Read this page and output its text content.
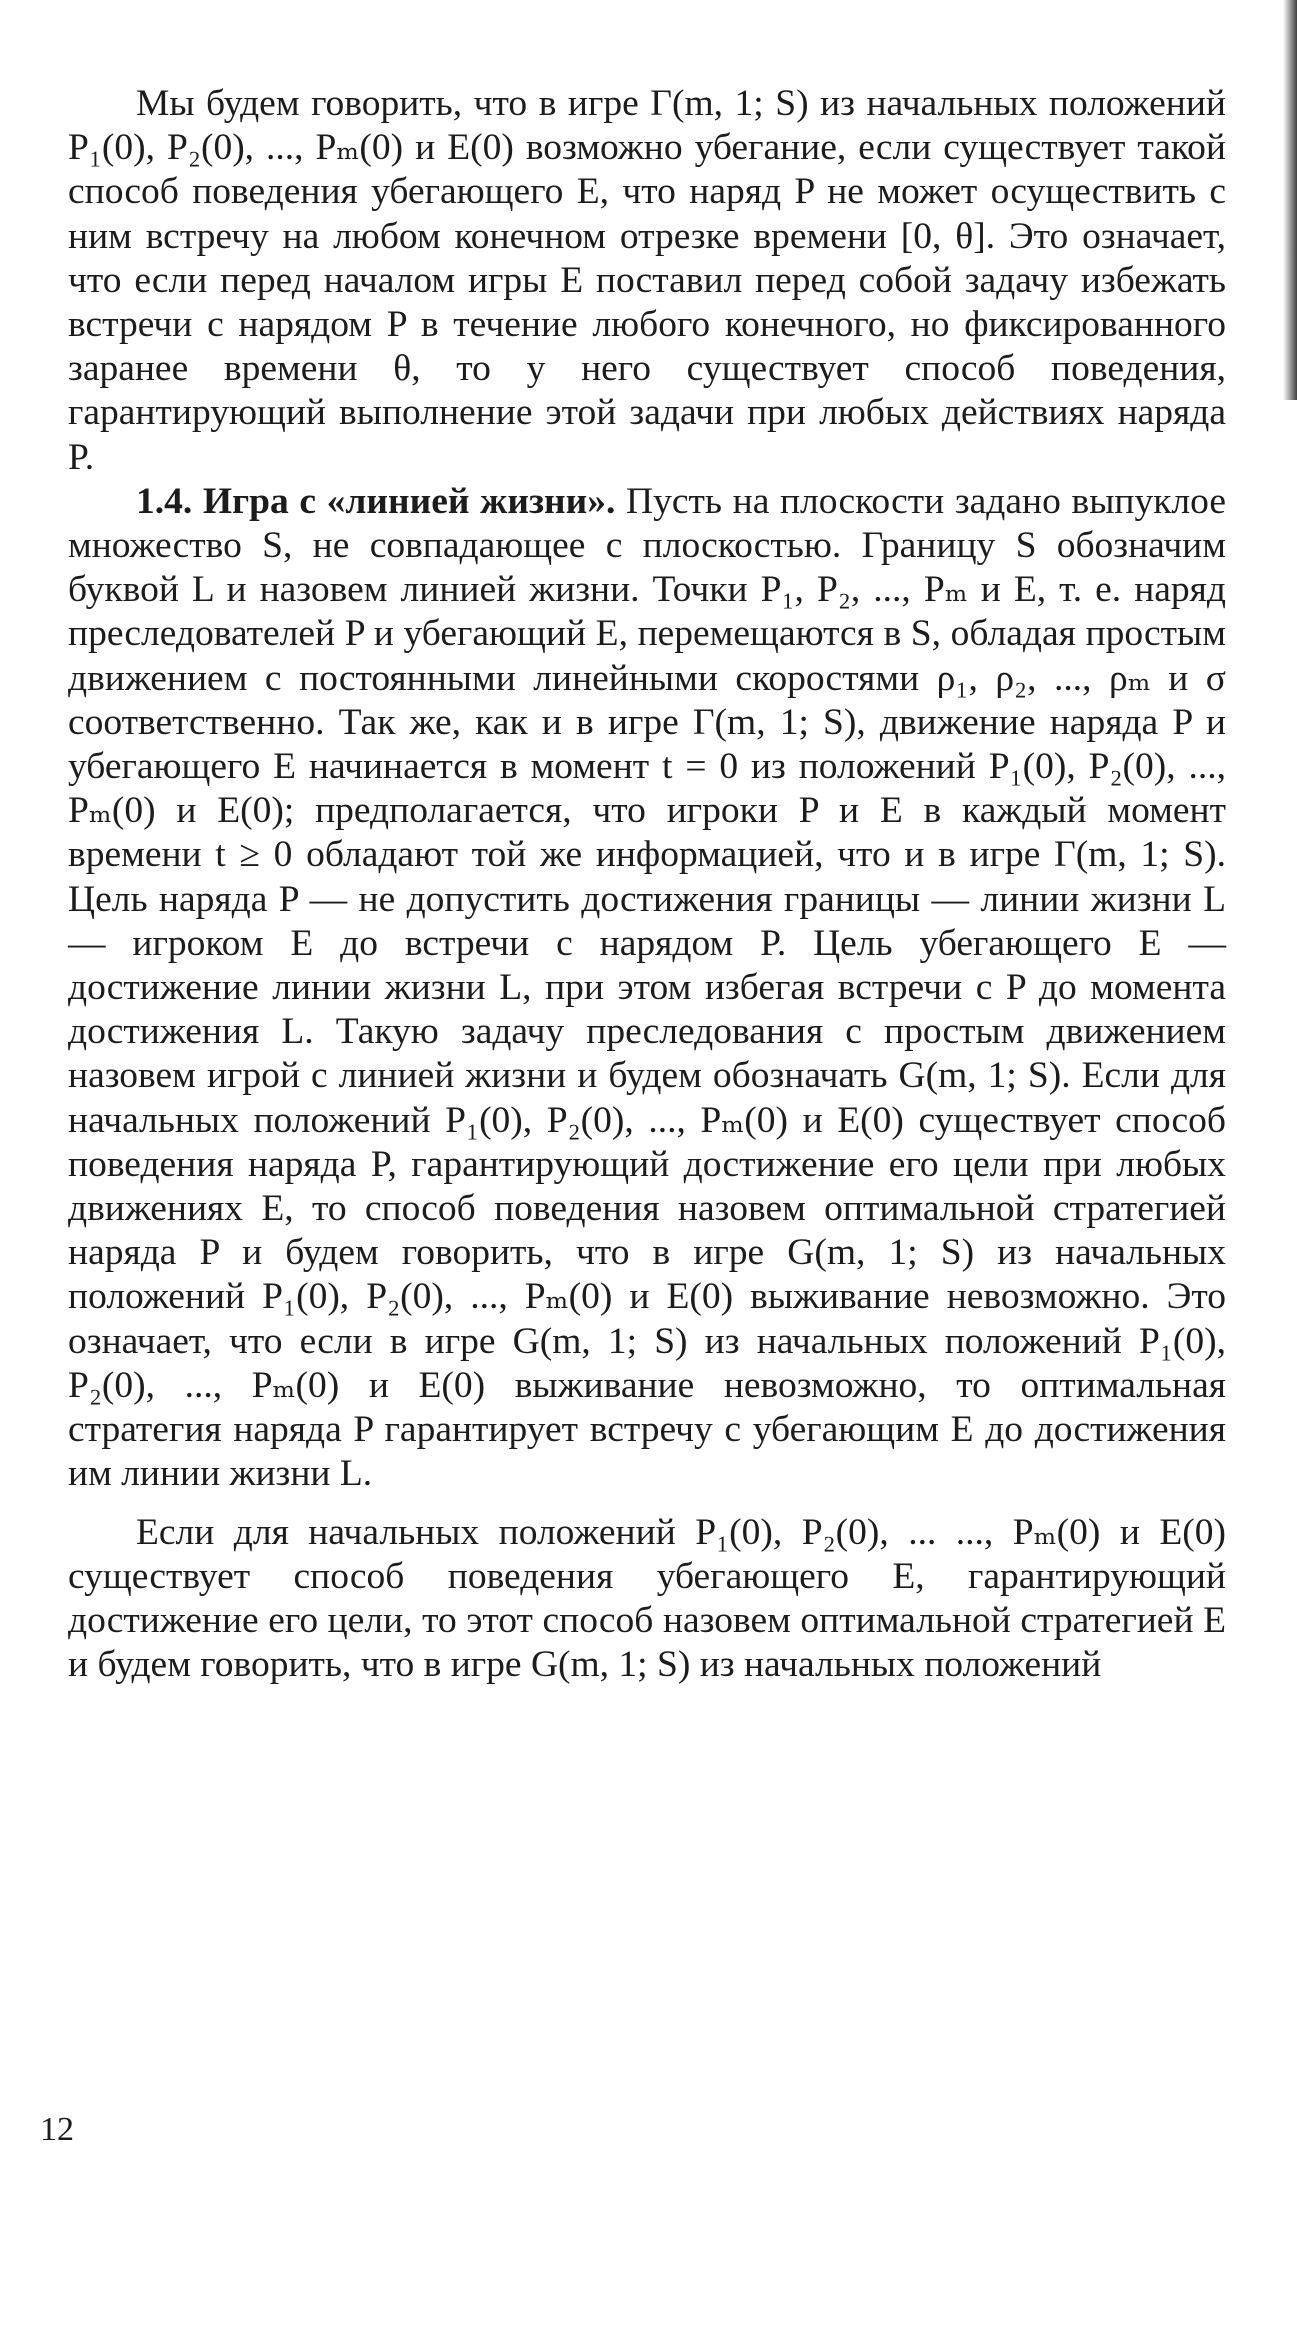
Мы будем говорить, что в игре Γ(m, 1; S) из начальных положений P₁(0), P₂(0), ..., Pₘ(0) и E(0) возможно убегание, если существует такой способ поведения убегающего E, что наряд P не может осуществить с ним встречу на любом конечном отрезке времени [0, θ]. Это означает, что если перед началом игры E поставил перед собой задачу избежать встречи с нарядом P в течение любого конечного, но фиксированного заранее времени θ, то у него существует способ поведения, гарантирующий выполнение этой задачи при любых действиях наряда P.

1.4. Игра с «линией жизни». Пусть на плоскости задано выпуклое множество S, не совпадающее с плоскостью. Границу S обозначим буквой L и назовем линией жизни. Точки P₁, P₂, ..., Pₘ и E, т. е. наряд преследователей P и убегающий E, перемещаются в S, обладая простым движением с постоянными линейными скоростями ρ₁, ρ₂, ..., ρₘ и σ соответственно. Так же, как и в игре Γ(m, 1; S), движение наряда P и убегающего E начинается в момент t = 0 из положений P₁(0), P₂(0), ..., Pₘ(0) и E(0); предполагается, что игроки P и E в каждый момент времени t ≥ 0 обладают той же информацией, что и в игре Γ(m, 1; S). Цель наряда P — не допустить достижения границы — линии жизни L — игроком E до встречи с нарядом P. Цель убегающего E — достижение линии жизни L, при этом избегая встречи с P до момента достижения L. Такую задачу преследования с простым движением назовем игрой с линией жизни и будем обозначать G(m, 1; S). Если для начальных положений P₁(0), P₂(0), ..., Pₘ(0) и E(0) существует способ поведения наряда P, гарантирующий достижение его цели при любых движениях E, то способ поведения назовем оптимальной стратегией наряда P и будем говорить, что в игре G(m, 1; S) из начальных положений P₁(0), P₂(0), ..., Pₘ(0) и E(0) выживание невозможно. Это означает, что если в игре G(m, 1; S) из начальных положений P₁(0), P₂(0), ..., Pₘ(0) и E(0) выживание невозможно, то оптимальная стратегия наряда P гарантирует встречу с убегающим E до достижения им линии жизни L.

Если для начальных положений P₁(0), P₂(0), ... ..., Pₘ(0) и E(0) существует способ поведения убегающего E, гарантирующий достижение его цели, то этот способ назовем оптимальной стратегией E и будем говорить, что в игре G(m, 1; S) из начальных положений

12
